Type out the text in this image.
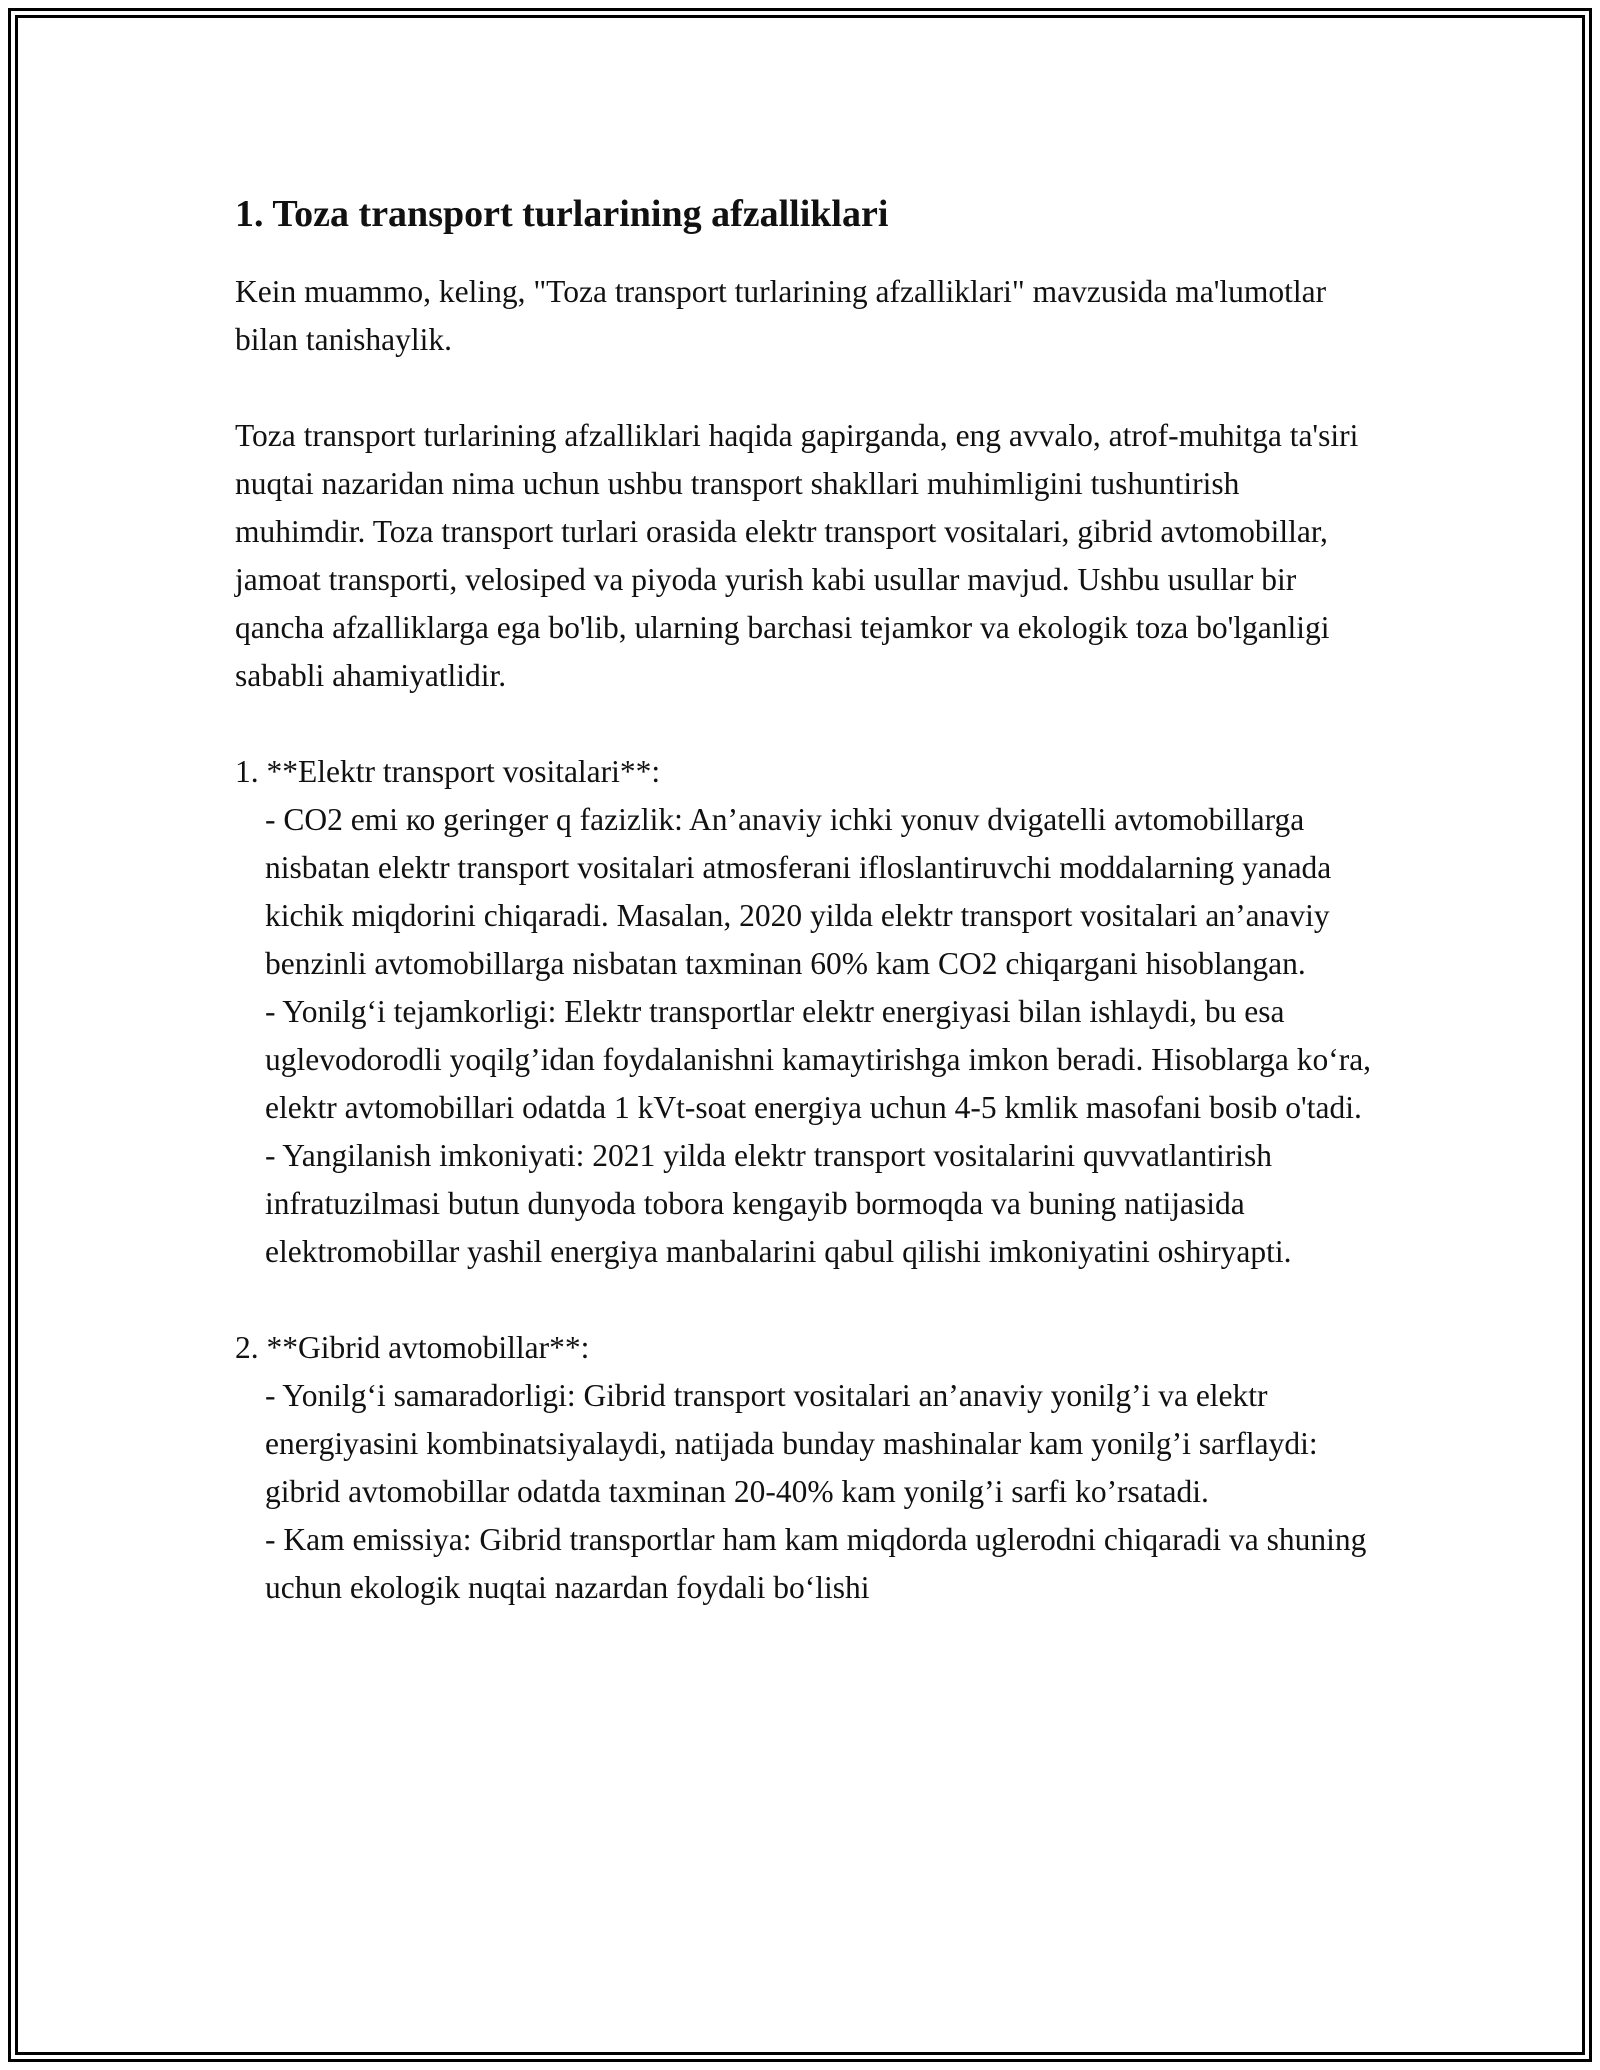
1. Toza transport turlarining afzalliklari

Kein muammo, keling, "Toza transport turlarining afzalliklari" mavzusida ma'lumotlar bilan tanishaylik.

Toza transport turlarining afzalliklari haqida gapirganda, eng avvalo, atrof-muhitga ta'siri nuqtai nazaridan nima uchun ushbu transport shakllari muhimligini tushuntirish muhimdir. Toza transport turlari orasida elektr transport vositalari, gibrid avtomobillar, jamoat transporti, velosiped va piyoda yurish kabi usullar mavjud. Ushbu usullar bir qancha afzalliklarga ega bo'lib, ularning barchasi tejamkor va ekologik toza bo'lganligi sababli ahamiyatlidir.

1. **Elektr transport vositalari**:

- CO2 emi ко geringer q fazizlik: An’anaviy ichki yonuv dvigatelli avtomobillarga nisbatan elektr transport vositalari atmosferani ifloslantiruvchi moddalarning yanada kichik miqdorini chiqaradi. Masalan, 2020 yilda elektr transport vositalari an’anaviy benzinli avtomobillarga nisbatan taxminan 60% kam CO2 chiqargani hisoblangan.

- Yonilg‘i tejamkorligi: Elektr transportlar elektr energiyasi bilan ishlaydi, bu esa uglevodorodli yoqilg’idan foydalanishni kamaytirishga imkon beradi. Hisoblarga ko‘ra, elektr avtomobillari odatda 1 kVt-soat energiya uchun 4-5 kmlik masofani bosib o'tadi.

- Yangilanish imkoniyati: 2021 yilda elektr transport vositalarini quvvatlantirish infratuzilmasi butun dunyoda tobora kengayib bormoqda va buning natijasida elektromobillar yashil energiya manbalarini qabul qilishi imkoniyatini oshiryapti.

2. **Gibrid avtomobillar**:

- Yonilg‘i samaradorligi: Gibrid transport vositalari an’anaviy yonilg’i va elektr energiyasini kombinatsiyalaydi, natijada bunday mashinalar kam yonilg’i sarflaydi: gibrid avtomobillar odatda taxminan 20-40% kam yonilg’i sarfi ko’rsatadi.

- Kam emissiya: Gibrid transportlar ham kam miqdorda uglerodni chiqaradi va shuning uchun ekologik nuqtai nazardan foydali bo‘lishi
